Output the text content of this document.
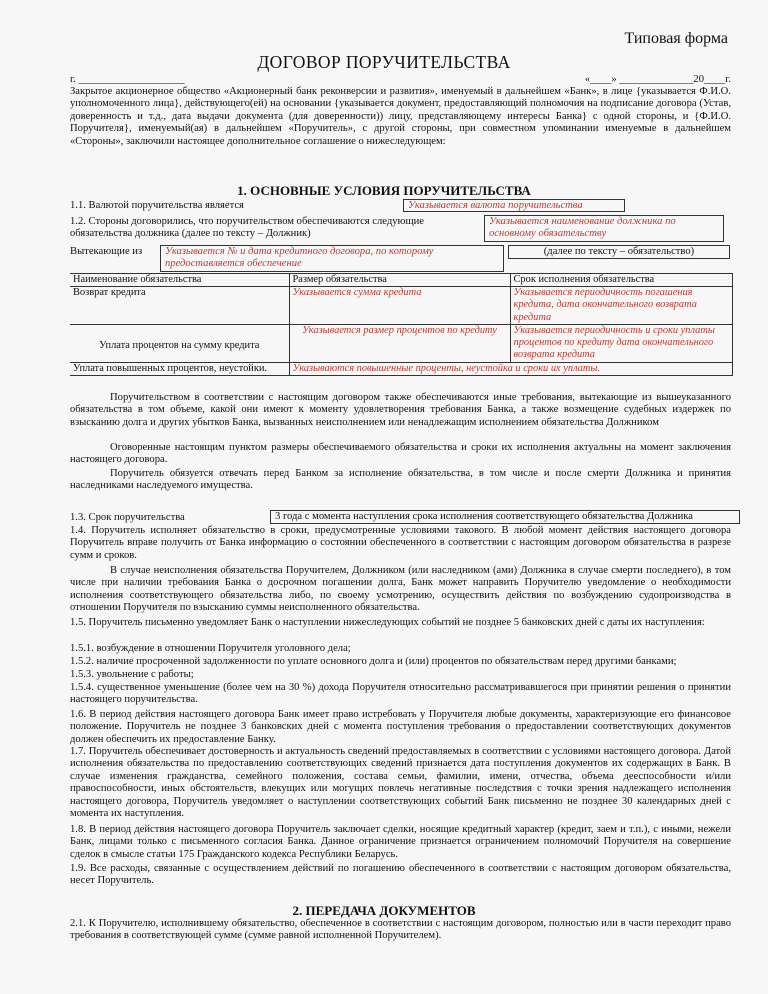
Типовая форма
ДОГОВОР ПОРУЧИТЕЛЬСТВА
г. ____________________	«____» ______________20____г.
Закрытое акционерное общество «Акционерный банк реконверсии и развития», именуемый в дальнейшем «Банк», в лице {указывается Ф.И.О. уполномоченного лица}, действующего(ей) на основании {указывается документ, предоставляющий полномочия на подписание договора (Устав, доверенность и т.д., дата выдачи документа (для доверенности)) лицу, представляющему интересы Банка} с одной стороны, и {Ф.И.О. Поручителя}, именуемый(ая) в дальнейшем «Поручитель», с другой стороны, при совместном упоминании именуемые в дальнейшем «Стороны», заключили настоящее дополнительное соглашение о нижеследующем:
1. ОСНОВНЫЕ УСЛОВИЯ ПОРУЧИТЕЛЬСТВА
1.1. Валютой поручительства является	Указывается валюта поручительства
1.2. Стороны договорились, что поручительством обеспечиваются следующие обязательства должника (далее по тексту – Должник)
Указывается наименование должника по основному обязательству
Вытекающие из	Указывается № и дата кредитного договора, по которому предоставляется обеспечение
(далее по тексту – обязательство)
Наименование обязательства	Размер обязательства	Срок исполнения обязательства
Возврат кредита	Указывается сумма кредита	Указывается периодичность погашения кредита, дата окончательного возврата кредита
Уплата процентов на сумму кредита	Указывается размер процентов по кредиту	Указывается периодичность и сроки уплаты процентов по кредиту дата окончательного возврата кредита
Уплата повышенных процентов, неустойки.	Указываются повышенные проценты, неустойка и сроки их уплаты.	
Поручительством в соответствии с настоящим договором также обеспечиваются иные требования, вытекающие из вышеуказанного обязательства в том объеме, какой они имеют к моменту удовлетворения требования Банка, а также возмещение судебных издержек по взысканию долга и других убытков Банка, вызванных неисполнением или ненадлежащим исполнением обязательства Должником
Оговоренные настоящим пунктом размеры обеспечиваемого обязательства и сроки их исполнения актуальны на момент заключения настоящего договора.
Поручитель обязуется отвечать перед Банком за исполнение обязательства, в том числе и после смерти Должника и принятия наследниками наследуемого имущества.
1.3. Срок поручительства	3 года с момента наступления срока исполнения соответствующего обязательства Должника
1.4. Поручитель исполняет обязательство в сроки, предусмотренные условиями такового. В любой момент действия настоящего договора Поручитель вправе получить от Банка информацию о состоянии обеспеченного в соответствии с настоящим договором обязательства в разрезе сумм и сроков.
В случае неисполнения обязательства Поручителем, Должником (или наследником (ами) Должника в случае смерти последнего), в том числе при наличии требования Банка о досрочном погашении долга, Банк может направить Поручителю уведомление о необходимости исполнения соответствующего обязательства либо, по своему усмотрению, осуществить действия по возбуждению судопроизводства в отношении Поручителя по взысканию суммы неисполненного обязательства.
1.5. Поручитель письменно уведомляет Банк о наступлении нижеследующих событий не позднее 5 банковских дней с даты их наступления:
1.5.1. возбуждение в отношении Поручителя уголовного дела;
1.5.2. наличие просроченной задолженности по уплате основного долга и (или) процентов по обязательствам перед другими банками;
1.5.3. увольнение с работы;
1.5.4. существенное уменьшение (более чем на 30 %) дохода Поручителя относительно рассматривавшегося при принятии решения о принятии настоящего поручительства.
1.6. В период действия настоящего договора Банк имеет право истребовать у Поручителя любые документы, характеризующие его финансовое положение. Поручитель не позднее 3 банковских дней с момента поступления требования о предоставлении соответствующих документов должен обеспечить их предоставление Банку.
1.7. Поручитель обеспечивает достоверность и актуальность сведений предоставляемых в соответствии с условиями настоящего договора. Датой исполнения обязательства по предоставлению соответствующих сведений признается дата поступления документов их содержащих в Банк. В случае изменения гражданства, семейного положения, состава семьи, фамилии, имени, отчества, объема дееспособности и/или правоспособности, иных обстоятельств, влекущих или могущих повлечь негативные последствия с точки зрения надлежащего исполнения настоящего договора, Поручитель уведомляет о наступлении соответствующих событий Банк письменно не позднее 30 календарных дней с момента их наступления.
1.8. В период действия настоящего договора Поручитель заключает сделки, носящие кредитный характер (кредит, заем и т.п.), с иными, нежели Банк, лицами только с письменного согласия Банка. Данное ограничение признается ограничением полномочий Поручителя на совершение сделок в смысле статьи 175 Гражданского кодекса Республики Беларусь.
1.9. Все расходы, связанные с осуществлением действий по погашению обеспеченного в соответствии с настоящим договором обязательства, несет Поручитель.
2. ПЕРЕДАЧА ДОКУМЕНТОВ
2.1. К Поручителю, исполнившему обязательство, обеспеченное в соответствии с настоящим договором, полностью или в части переходит право требования в соответствующей сумме (сумме равной исполненной Поручителем).
